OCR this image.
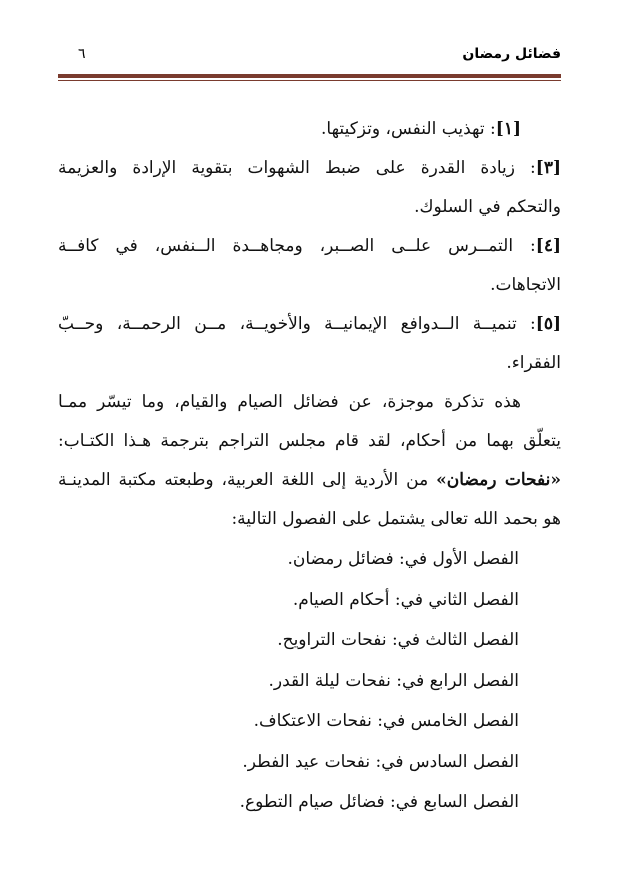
فضائل رمضان
٦
[١]: تهذيب النفس، وتزكيتها.
[٣]: زيادة القدرة على ضبط الشهوات بتقوية الإرادة والعزيمة
والتحكم في السلوك.
[٤]: التمــرس علــى الصــبر، ومجاهــدة الــنفس، في كافــة
الاتجاهات.
[٥]: تنميــة الــدوافع الإيمانيــة والأخويــة، مــن الرحمــة، وحــبّ
الفقراء.
هذه تذكرة موجزة، عن فضائل الصيام والقيام، وما تيسّر ممـا
يتعلّق بهما من أحكام، لقد قام مجلس التراجم بترجمة هـذا الكتـاب:
«نفحات رمضان» من الأردية إلى اللغة العربية، وطبعته مكتبة المدينـة
هو بحمد الله تعالى يشتمل على الفصول التالية:
الفصل الأول في: فضائل رمضان.
الفصل الثاني في: أحكام الصيام.
الفصل الثالث في: نفحات التراويح.
الفصل الرابع في: نفحات ليلة القدر.
الفصل الخامس في: نفحات الاعتكاف.
الفصل السادس في: نفحات عيد الفطر.
الفصل السابع في: فضائل صيام التطوع.
